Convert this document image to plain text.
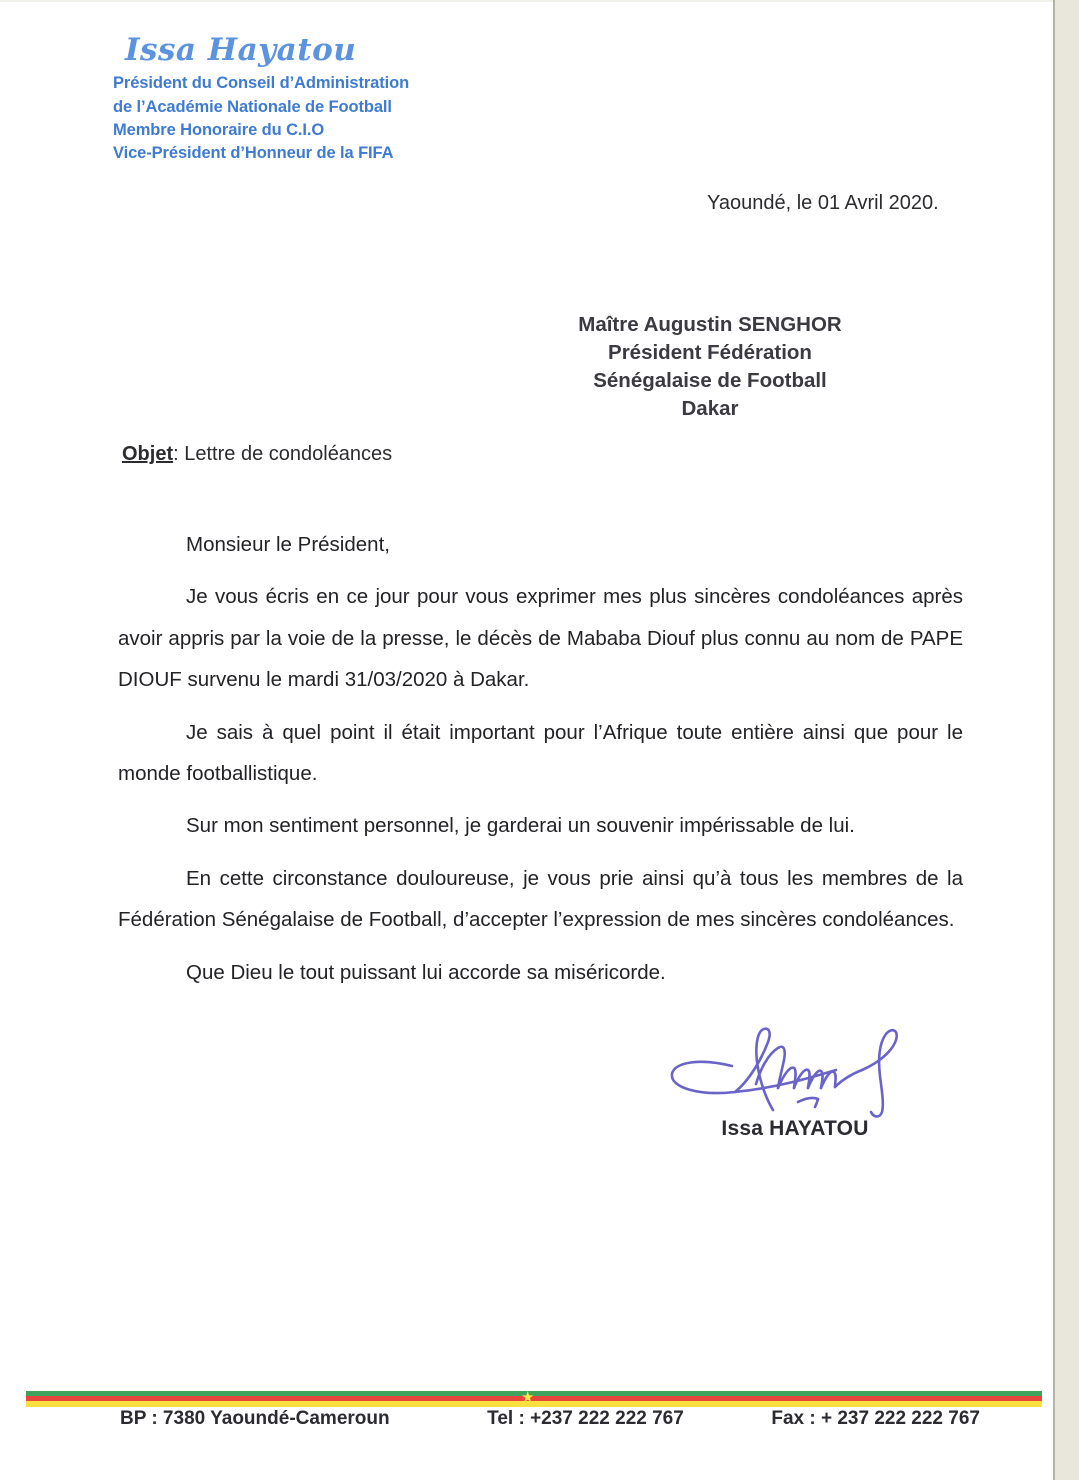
Issa Hayatou
Président du Conseil d’Administration
de l’Académie Nationale de Football
Membre Honoraire du C.I.O
Vice-Président d’Honneur de la FIFA
Yaoundé, le 01 Avril 2020.
Maître Augustin SENGHOR
Président Fédération
Sénégalaise de Football
Dakar
Objet: Lettre de condoléances

Monsieur le Président,

Je vous écris en ce jour pour vous exprimer mes plus sincères condoléances après avoir appris par la voie de la presse, le décès de Mababa Diouf plus connu au nom de PAPE DIOUF survenu le mardi 31/03/2020 à Dakar.

Je sais à quel point il était important pour l’Afrique toute entière ainsi que pour le monde footballistique.

Sur mon sentiment personnel, je garderai un souvenir impérissable de lui.

En cette circonstance douloureuse, je vous prie ainsi qu’à tous les membres de la Fédération Sénégalaise de Football, d’accepter l’expression de mes sincères condoléances.

Que Dieu le tout puissant lui accorde sa miséricorde.

Issa HAYATOU
★
BP : 7380 Yaoundé-Cameroun	Tel : +237 222 222 767	Fax : + 237 222 222 767
